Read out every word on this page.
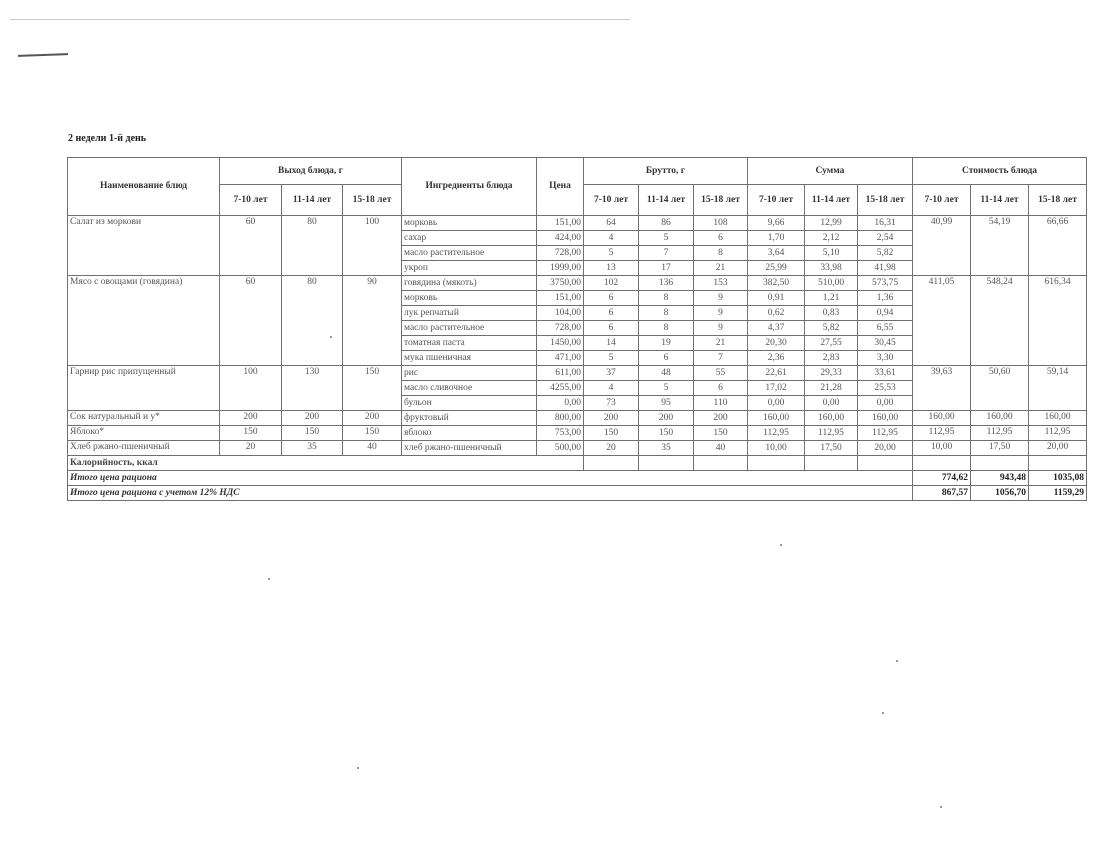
2 недели 1-й день
Наименование блюд	Выход блюда, г			Ингредиенты блюда	Цена	Брутто, г			Сумма			Стоимость блюда		
	7-10 лет	11-14 лет	15-18 лет			7-10 лет	11-14 лет	15-18 лет	7-10 лет	11-14 лет	15-18 лет	7-10 лет	11-14 лет	15-18 лет
Салат из моркови	60	80	100	морковь	151,00	64	86	108	9,66	12,99	16,31	40,99	54,19	66,66
				сахар	424,00	4	5	6	1,70	2,12	2,54			
				масло растительное	728,00	5	7	8	3,64	5,10	5,82			
				укроп	1999,00	13	17	21	25,99	33,98	41,98			
Мясо с овощами (говядина)	60	80	90	говядина (мякоть)	3750,00	102	136	153	382,50	510,00	573,75	411,05	548,24	616,34
				морковь	151,00	6	8	9	0,91	1,21	1,36			
				лук репчатый	104,00	6	8	9	0,62	0,83	0,94			
				масло растительное	728,00	6	8	9	4,37	5,82	6,55			
				томатная паста	1450,00	14	19	21	20,30	27,55	30,45			
				мука пшеничная	471,00	5	6	7	2,36	2,83	3,30			
Гарнир рис припущенный	100	130	150	рис	611,00	37	48	55	22,61	29,33	33,61	39,63	50,60	59,14
				масло сливочное	4255,00	4	5	6	17,02	21,28	25,53			
				бульон	0,00	73	95	110	0,00	0,00	0,00			
Сок натуральный и у*	200	200	200	фруктовый	800,00	200	200	200	160,00	160,00	160,00	160,00	160,00	160,00
Яблоко*	150	150	150	яблоко	753,00	150	150	150	112,95	112,95	112,95	112,95	112,95	112,95
Хлеб ржано-пшеничный	20	35	40	хлеб ржано-пшеничный	500,00	20	35	40	10,00	17,50	20,00	10,00	17,50	20,00
Калорийность, ккал														
Итого цена рациона												774,62	943,48	1035,08
Итого цена рациона с учетом 12% НДС												867,57	1056,70	1159,29
